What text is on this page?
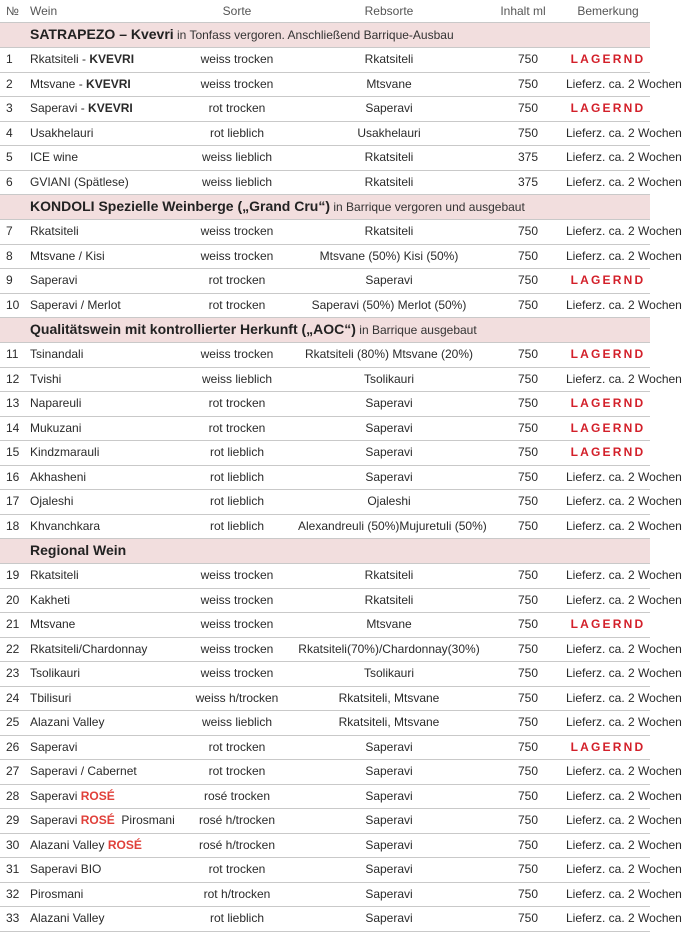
№	Wein	Sorte	Rebsorte	Inhalt ml	Bemerkung
SATRAPEZO – Kvevri in Tonfass vergoren. Anschließend Barrique-Ausbau					
1	Rkatsiteli - KVEVRI	weiss trocken	Rkatsiteli	750	LAGERND
2	Mtsvane - KVEVRI	weiss trocken	Mtsvane	750	Lieferz. ca. 2 Wochen
3	Saperavi - KVEVRI	rot trocken	Saperavi	750	LAGERND
4	Usakhelauri	rot lieblich	Usakhelauri	750	Lieferz. ca. 2 Wochen
5	ICE wine	weiss lieblich	Rkatsiteli	375	Lieferz. ca. 2 Wochen
6	GVIANI (Spätlese)	weiss lieblich	Rkatsiteli	375	Lieferz. ca. 2 Wochen
KONDOLI Spezielle Weinberge („Grand Cru“) in Barrique vergoren und ausgebaut					
7	Rkatsiteli	weiss trocken	Rkatsiteli	750	Lieferz. ca. 2 Wochen
8	Mtsvane / Kisi	weiss trocken	Mtsvane (50%) Kisi (50%)	750	Lieferz. ca. 2 Wochen
9	Saperavi	rot trocken	Saperavi	750	LAGERND
10	Saperavi / Merlot	rot trocken	Saperavi (50%) Merlot (50%)	750	Lieferz. ca. 2 Wochen
Qualitätswein mit kontrollierter Herkunft („AOC“) in Barrique ausgebaut					
11	Tsinandali	weiss trocken	Rkatsiteli (80%) Mtsvane (20%)	750	LAGERND
12	Tvishi	weiss lieblich	Tsolikauri	750	Lieferz. ca. 2 Wochen
13	Napareuli	rot trocken	Saperavi	750	LAGERND
14	Mukuzani	rot trocken	Saperavi	750	LAGERND
15	Kindzmarauli	rot lieblich	Saperavi	750	LAGERND
16	Akhasheni	rot lieblich	Saperavi	750	Lieferz. ca. 2 Wochen
17	Ojaleshi	rot lieblich	Ojaleshi	750	Lieferz. ca. 2 Wochen
18	Khvanchkara	rot lieblich	Alexandreuli (50%)Mujuretuli (50%)	750	Lieferz. ca. 2 Wochen
Regional Wein					
19	Rkatsiteli	weiss trocken	Rkatsiteli	750	Lieferz. ca. 2 Wochen
20	Kakheti	weiss trocken	Rkatsiteli	750	Lieferz. ca. 2 Wochen
21	Mtsvane	weiss trocken	Mtsvane	750	LAGERND
22	Rkatsiteli/Chardonnay	weiss trocken	Rkatsiteli(70%)/Chardonnay(30%)	750	Lieferz. ca. 2 Wochen
23	Tsolikauri	weiss trocken	Tsolikauri	750	Lieferz. ca. 2 Wochen
24	Tbilisuri	weiss h/trocken	Rkatsiteli, Mtsvane	750	Lieferz. ca. 2 Wochen
25	Alazani Valley	weiss lieblich	Rkatsiteli, Mtsvane	750	Lieferz. ca. 2 Wochen
26	Saperavi	rot trocken	Saperavi	750	LAGERND
27	Saperavi / Cabernet	rot trocken	Saperavi	750	Lieferz. ca. 2 Wochen
28	Saperavi ROSÉ	rosé trocken	Saperavi	750	Lieferz. ca. 2 Wochen
29	Saperavi ROSÉ Pirosmani	rosé h/trocken	Saperavi	750	Lieferz. ca. 2 Wochen
30	Alazani Valley ROSÉ	rosé h/trocken	Saperavi	750	Lieferz. ca. 2 Wochen
31	Saperavi BIO	rot trocken	Saperavi	750	Lieferz. ca. 2 Wochen
32	Pirosmani	rot h/trocken	Saperavi	750	Lieferz. ca. 2 Wochen
33	Alazani Valley	rot lieblich	Saperavi	750	Lieferz. ca. 2 Wochen
